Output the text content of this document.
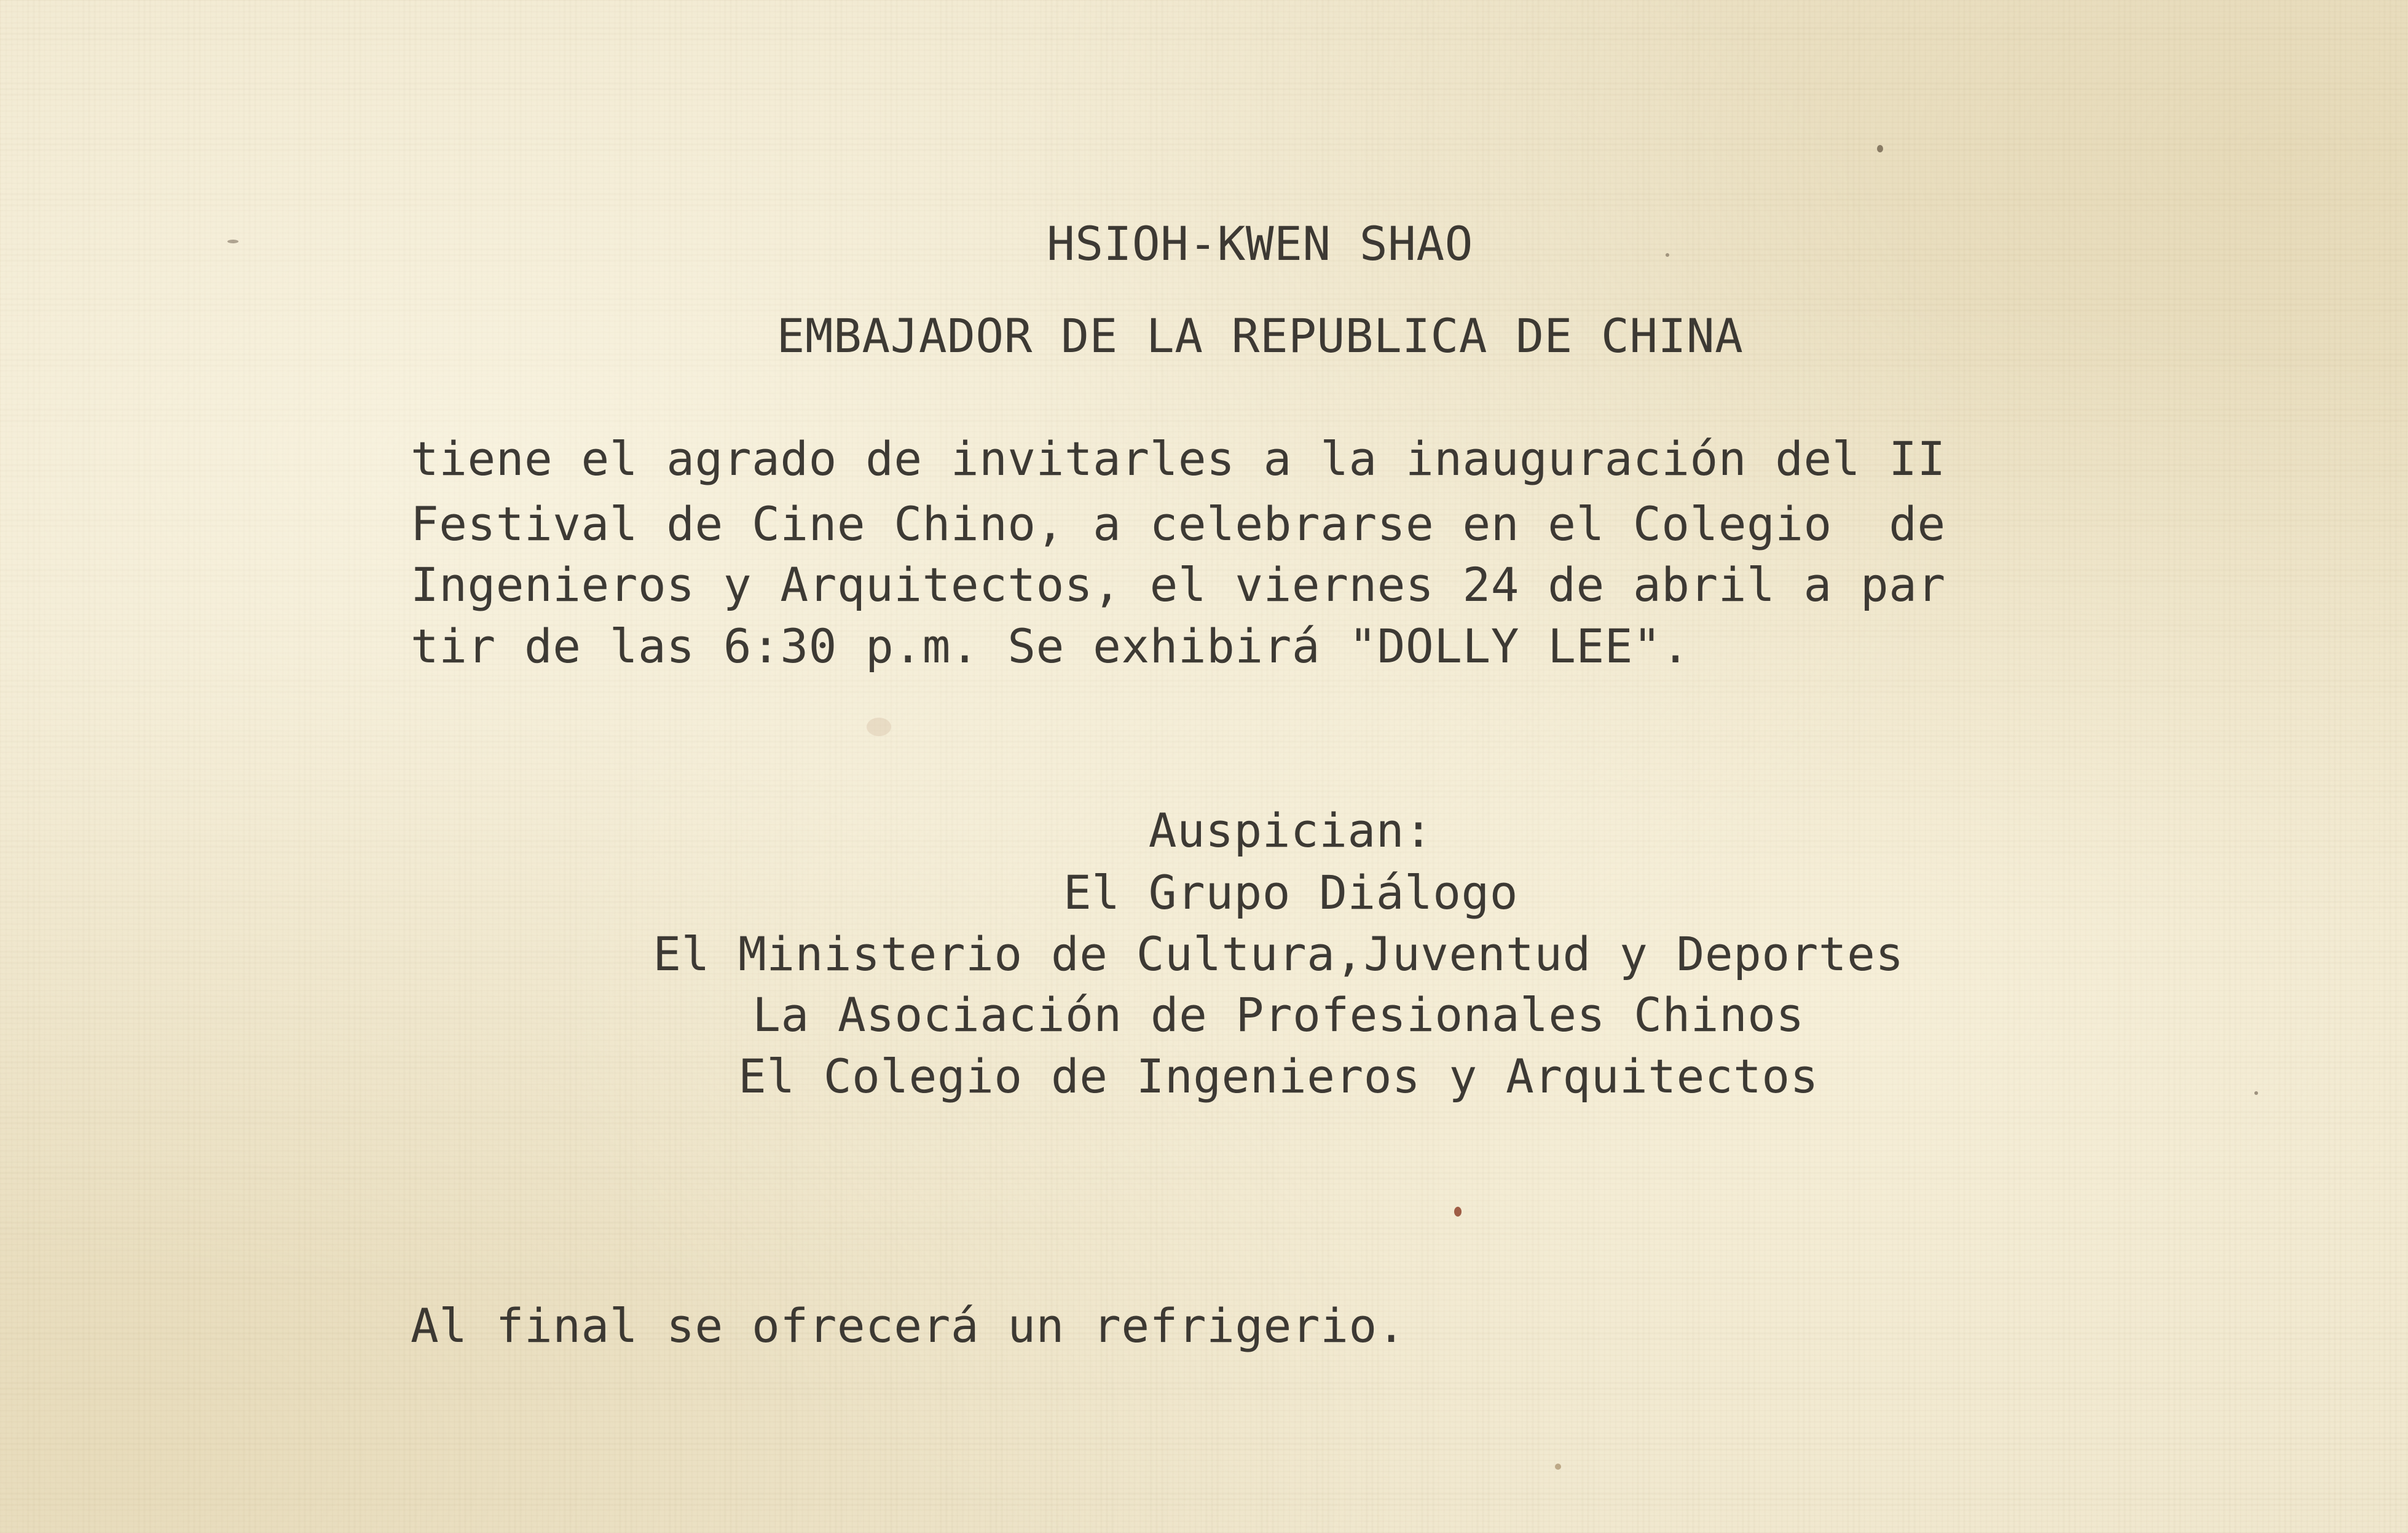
HSIOH-KWEN SHAO
EMBAJADOR DE LA REPUBLICA DE CHINA
tiene el agrado de invitarles a la inauguración del II
Festival de Cine Chino, a celebrarse en el Colegio  de
Ingenieros y Arquitectos, el viernes 24 de abril a par
tir de las 6:30 p.m. Se exhibirá "DOLLY LEE".
Auspician:
El Grupo Diálogo
El Ministerio de Cultura,Juventud y Deportes
La Asociación de Profesionales Chinos
El Colegio de Ingenieros y Arquitectos
Al final se ofrecerá un refrigerio.
